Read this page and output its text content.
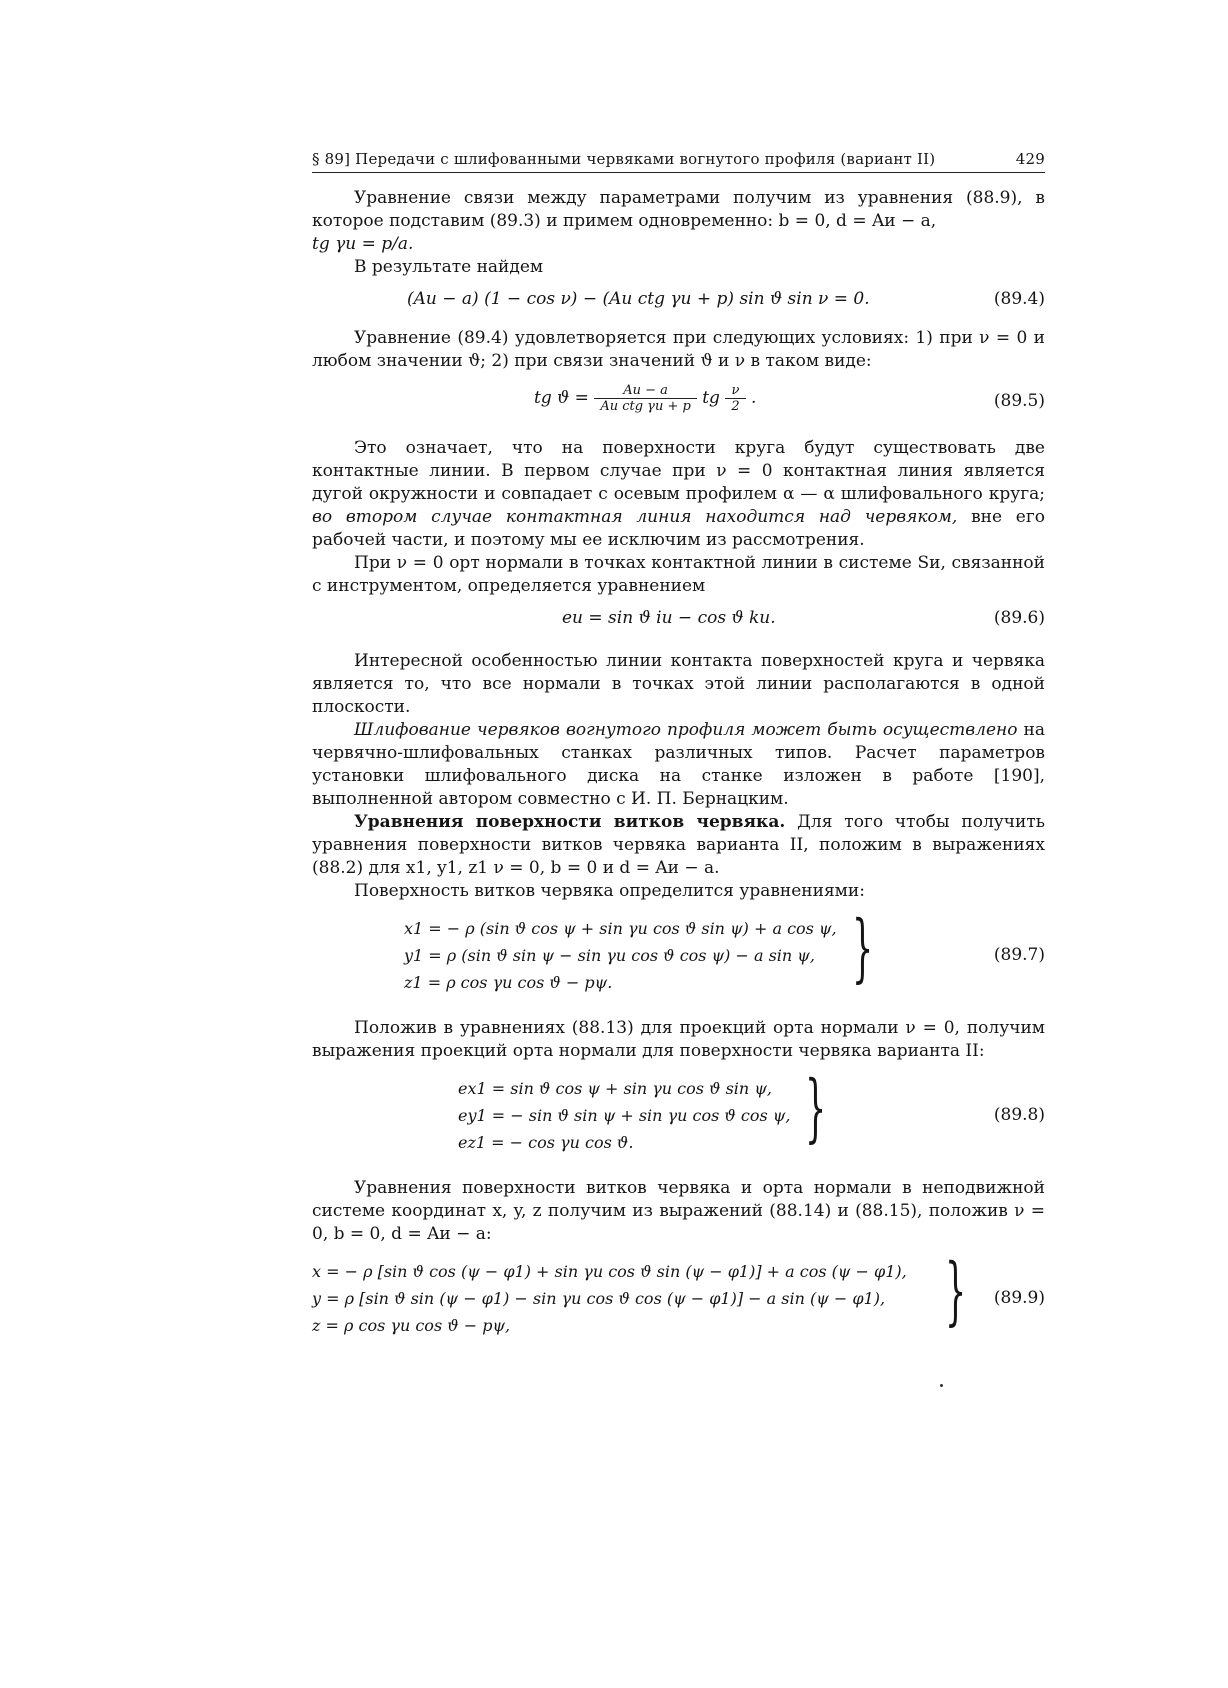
§ 89] Передачи с шлифованными червяками вогнутого профиля (вариант II)	429

Уравнение связи между параметрами получим из уравнения (88.9), в которое подставим (89.3) и примем одновременно: b = 0, d = Aи − a,

tg γи = p/a.

В результате найдем

(Aи − a) (1 − cos ν) − (Aи ctg γи + p) sin ϑ sin ν = 0.	(89.4)

Уравнение (89.4) удовлетворяется при следующих условиях: 1) при ν = 0 и любом значении ϑ; 2) при связи значений ϑ и ν в таком виде:

tg $ϑ = \frac{Aи - a}{\text{Aи ctg γи + p}}$ tg $\frac{\nu}{2}$ .	(89.5)

Это означает, что на поверхности круга будут существовать две контактные линии. В первом случае при ν = 0 контактная линия является дугой окружности и совпадает с осевым профилем α — α шлифовального круга; во втором случае контактная линия находится над червяком, вне его рабочей части, и поэтому мы ее исключим из рассмотрения.

При ν = 0 орт нормали в точках контактной линии в системе Sи, связанной с инструментом, определяется уравнением

eи = sin ϑ iи − cos ϑ kи.	(89.6)

Интересной особенностью линии контакта поверхностей круга и червяка является то, что все нормали в точках этой линии располагаются в одной плоскости.

Шлифование червяков вогнутого профиля может быть осуществлено на червячно-шлифовальных станках различных типов. Расчет параметров установки шлифовального диска на станке изложен в работе [190], выполненной автором совместно с И. П. Бернацким.

Уравнения поверхности витков червяка. Для того чтобы получить уравнения поверхности витков червяка варианта II, положим в выражениях (88.2) для x1, y1, z1 ν = 0, b = 0 и d = Aи − a.

Поверхность витков червяка определится уравнениями:

x1 = − ρ (sin ϑ cos ψ + sin γи cos ϑ sin ψ) + a cos ψ,
y1 = ρ (sin ϑ sin ψ − sin γи cos ϑ cos ψ) − a sin ψ,
z1 = ρ cos γи cos ϑ − pψ.	}	(89.7)

Положив в уравнениях (88.13) для проекций орта нормали ν = 0, получим выражения проекций орта нормали для поверхности червяка варианта II:

ex1 = sin ϑ cos ψ + sin γи cos ϑ sin ψ,
ey1 = − sin ϑ sin ψ + sin γи cos ϑ cos ψ,
ez1 = − cos γи cos ϑ.	}	(89.8)

Уравнения поверхности витков червяка и орта нормали в неподвижной системе координат x, y, z получим из выражений (88.14) и (88.15), положив ν = 0, b = 0, d = Aи − a:

x = − ρ [sin ϑ cos (ψ − φ1) + sin γи cos ϑ sin (ψ − φ1)] + a cos (ψ − φ1),
y = ρ [sin ϑ sin (ψ − φ1) − sin γи cos ϑ cos (ψ − φ1)] − a sin (ψ − φ1),
z = ρ cos γи cos ϑ − pψ,	} (89.9)
